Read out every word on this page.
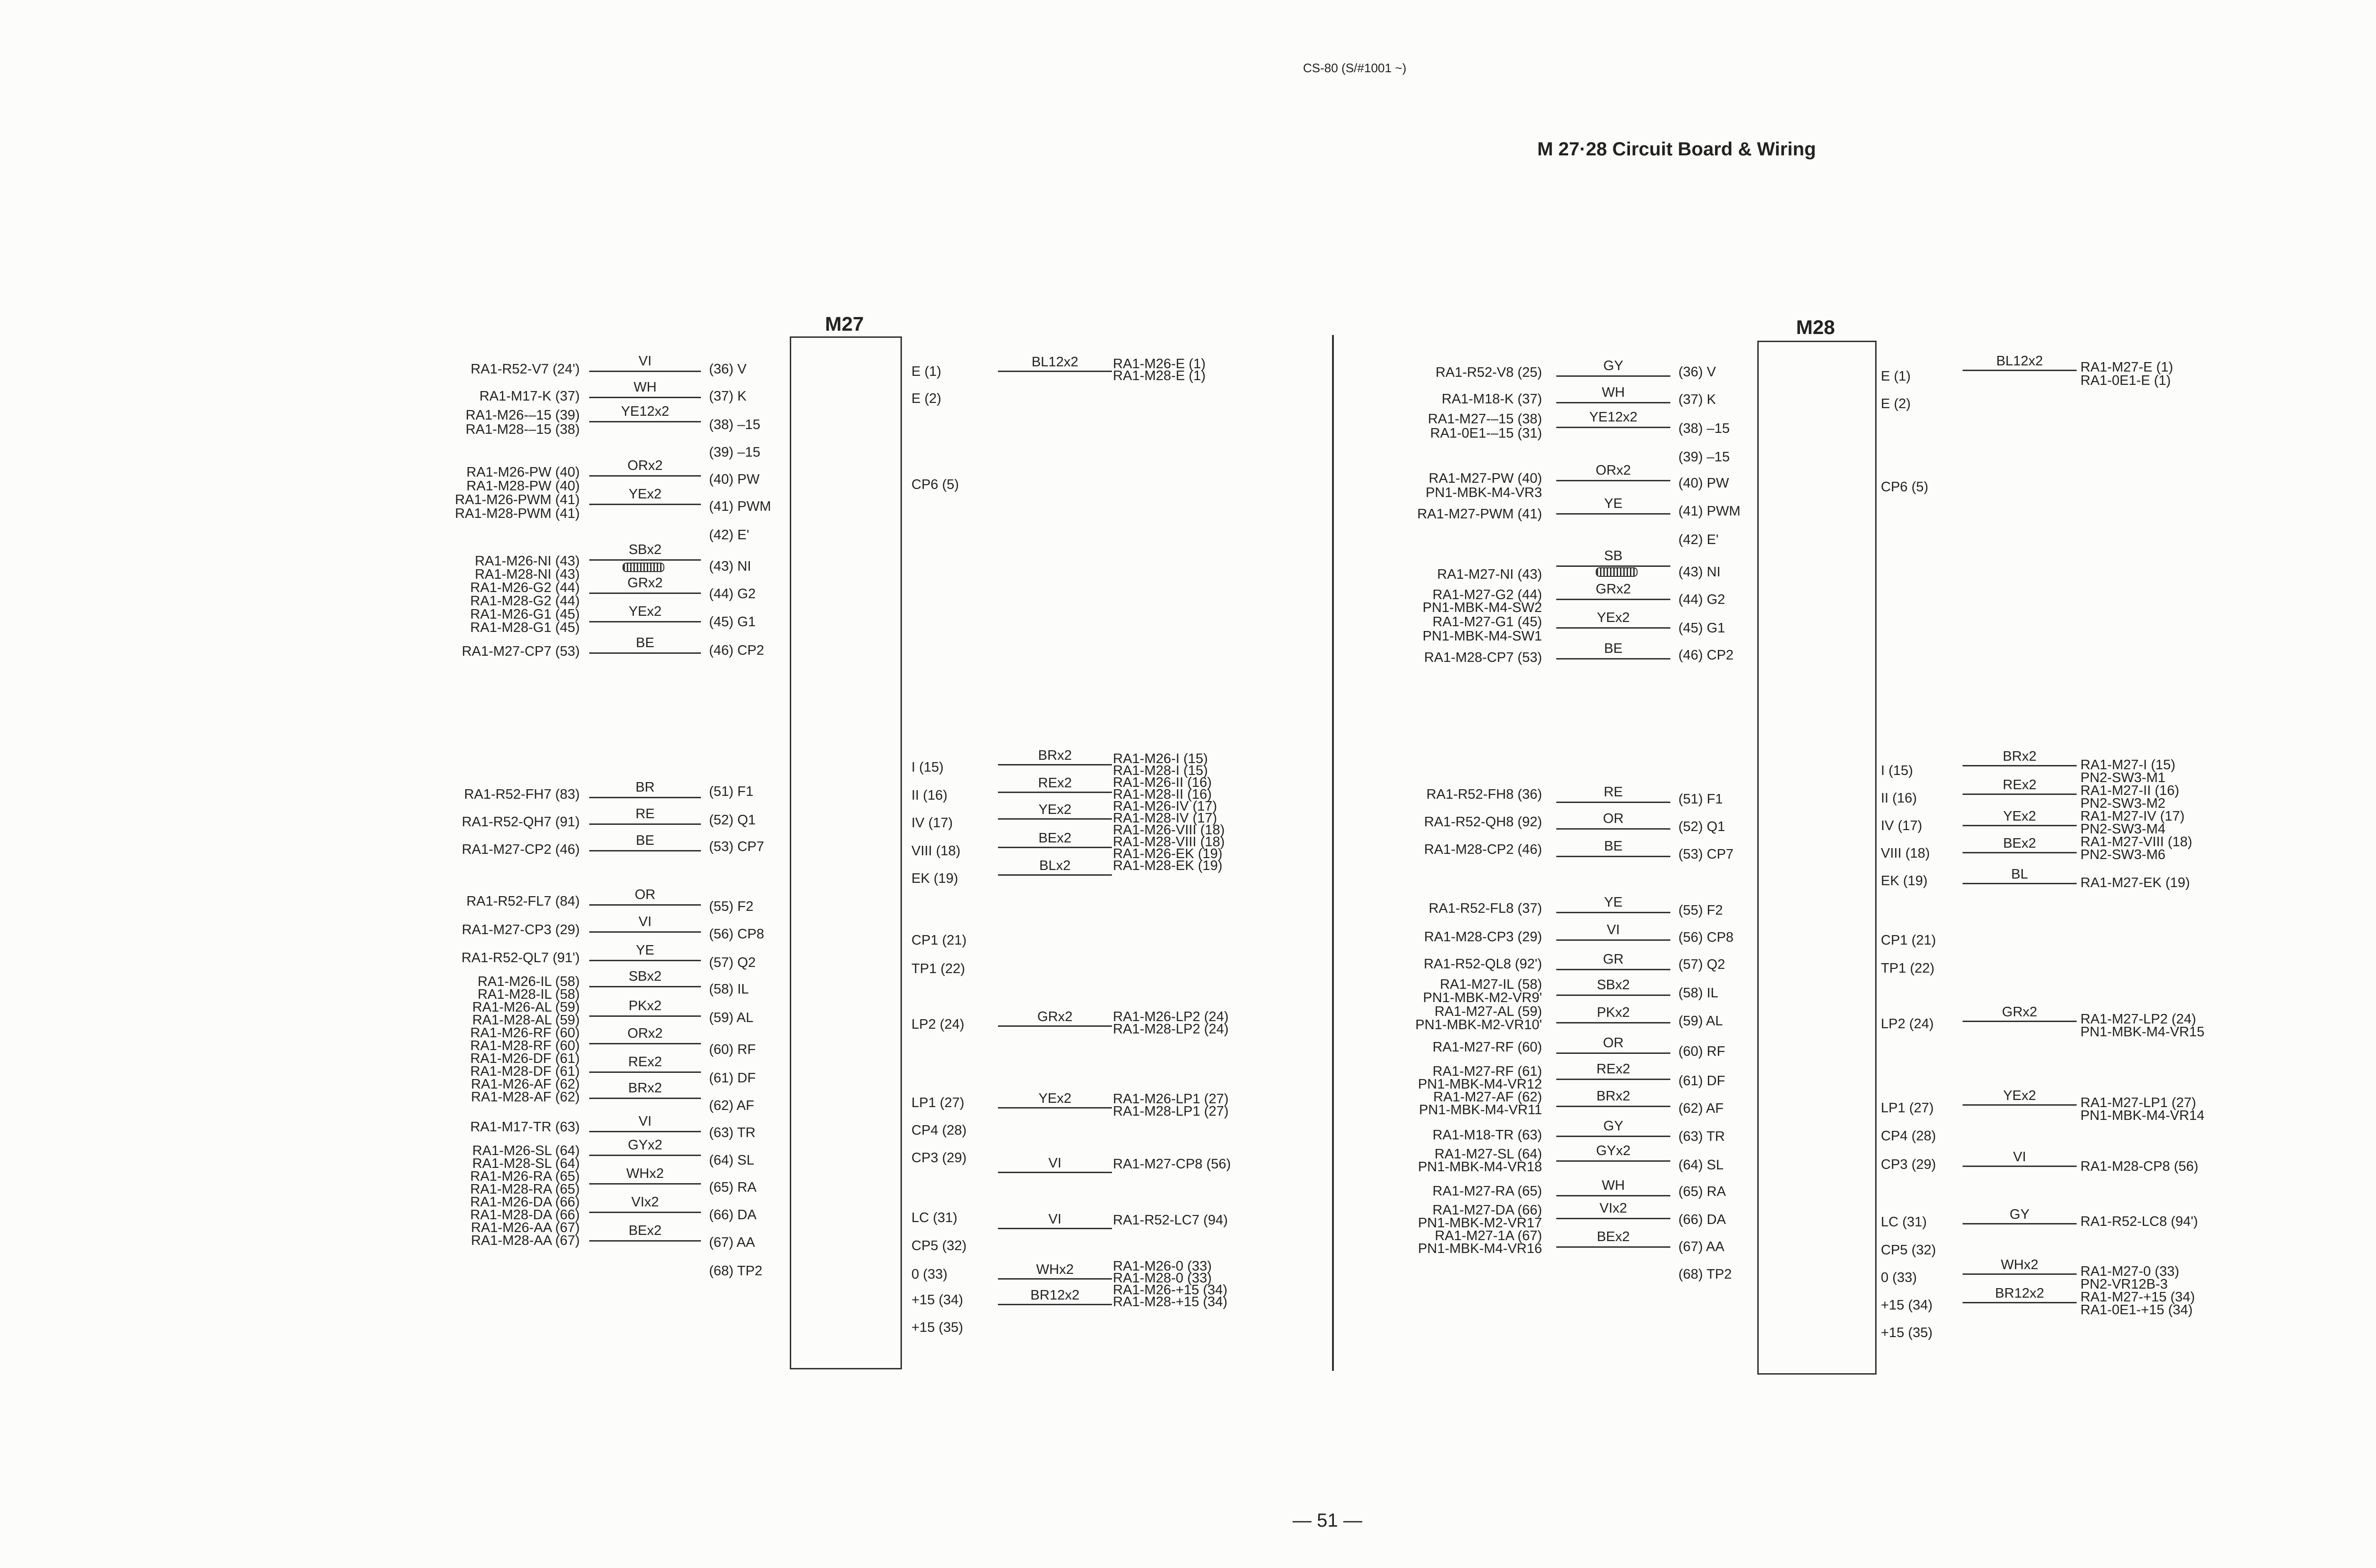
CS-80 (S/#1001 ~)
M 27·28 Circuit Board & Wiring
M27
RA1-R52-V7 (24')
RA1-M17-K (37)
RA1-M26-–15 (39)
RA1-M28-–15 (38)
RA1-M26-PW (40)
RA1-M28-PW (40)
RA1-M26-PWM (41)
RA1-M28-PWM (41)
RA1-M26-NI (43)
RA1-M28-NI (43)
RA1-M26-G2 (44)
RA1-M28-G2 (44)
RA1-M26-G1 (45)
RA1-M28-G1 (45)
RA1-M27-CP7 (53)
RA1-R52-FH7 (83)
RA1-R52-QH7 (91)
RA1-M27-CP2 (46)
RA1-R52-FL7 (84)
RA1-M27-CP3 (29)
RA1-R52-QL7 (91')
RA1-M26-IL (58)
RA1-M28-IL (58)
RA1-M26-AL (59)
RA1-M28-AL (59)
RA1-M26-RF (60)
RA1-M28-RF (60)
RA1-M26-DF (61)
RA1-M28-DF (61)
RA1-M26-AF (62)
RA1-M28-AF (62)
RA1-M17-TR (63)
RA1-M26-SL (64)
RA1-M28-SL (64)
RA1-M26-RA (65)
RA1-M28-RA (65)
RA1-M26-DA (66)
RA1-M28-DA (66)
RA1-M26-AA (67)
RA1-M28-AA (67)
VI
WH
YE12x2
ORx2
YEx2
SBx2
GRx2
YEx2
BE
BR
RE
BE
OR
VI
YE
SBx2
PKx2
ORx2
REx2
BRx2
VI
GYx2
WHx2
VIx2
BEx2
(36) V
(37) K
(38) –15
(39) –15
(40) PW
(41) PWM
(42) E'
(43) NI
(44) G2
(45) G1
(46) CP2
(51) F1
(52) Q1
(53) CP7
(55) F2
(56) CP8
(57) Q2
(58) IL
(59) AL
(60) RF
(61) DF
(62) AF
(63) TR
(64) SL
(65) RA
(66) DA
(67) AA
(68) TP2
E (1)
E (2)
CP6 (5)
I (15)
II (16)
IV (17)
VIII (18)
EK (19)
CP1 (21)
TP1 (22)
LP2 (24)
LP1 (27)
CP4 (28)
CP3 (29)
LC (31)
CP5 (32)
0 (33)
+15 (34)
+15 (35)
BL12x2
BRx2
REx2
YEx2
BEx2
BLx2
GRx2
YEx2
VI
VI
WHx2
BR12x2
RA1-M26-E (1)
RA1-M28-E (1)
RA1-M26-I (15)
RA1-M28-I (15)
RA1-M26-II (16)
RA1-M28-II (16)
RA1-M26-IV (17)
RA1-M28-IV (17)
RA1-M26-VIII (18)
RA1-M28-VIII (18)
RA1-M26-EK (19)
RA1-M28-EK (19)
RA1-M26-LP2 (24)
RA1-M28-LP2 (24)
RA1-M26-LP1 (27)
RA1-M28-LP1 (27)
RA1-M27-CP8 (56)
RA1-R52-LC7 (94)
RA1-M26-0 (33)
RA1-M28-0 (33)
RA1-M26-+15 (34)
RA1-M28-+15 (34)
M28
RA1-R52-V8 (25)
RA1-M18-K (37)
RA1-M27-–15 (38)
RA1-0E1-–15 (31)
RA1-M27-PW (40)
PN1-MBK-M4-VR3
RA1-M27-PWM (41)
RA1-M27-NI (43)
RA1-M27-G2 (44)
PN1-MBK-M4-SW2
RA1-M27-G1 (45)
PN1-MBK-M4-SW1
RA1-M28-CP7 (53)
RA1-R52-FH8 (36)
RA1-R52-QH8 (92)
RA1-M28-CP2 (46)
RA1-R52-FL8 (37)
RA1-M28-CP3 (29)
RA1-R52-QL8 (92')
RA1-M27-IL (58)
PN1-MBK-M2-VR9'
RA1-M27-AL (59)
PN1-MBK-M2-VR10'
RA1-M27-RF (60)
RA1-M27-RF (61)
PN1-MBK-M4-VR12
RA1-M27-AF (62)
PN1-MBK-M4-VR11
RA1-M18-TR (63)
RA1-M27-SL (64)
PN1-MBK-M4-VR18
RA1-M27-RA (65)
RA1-M27-DA (66)
PN1-MBK-M2-VR17
RA1-M27-1A (67)
PN1-MBK-M4-VR16
GY
WH
YE12x2
ORx2
YE
SB
GRx2
YEx2
BE
RE
OR
BE
YE
VI
GR
SBx2
PKx2
OR
REx2
BRx2
GY
GYx2
WH
VIx2
BEx2
(36) V
(37) K
(38) –15
(39) –15
(40) PW
(41) PWM
(42) E'
(43) NI
(44) G2
(45) G1
(46) CP2
(51) F1
(52) Q1
(53) CP7
(55) F2
(56) CP8
(57) Q2
(58) IL
(59) AL
(60) RF
(61) DF
(62) AF
(63) TR
(64) SL
(65) RA
(66) DA
(67) AA
(68) TP2
E (1)
E (2)
CP6 (5)
I (15)
II (16)
IV (17)
VIII (18)
EK (19)
CP1 (21)
TP1 (22)
LP2 (24)
LP1 (27)
CP4 (28)
CP3 (29)
LC (31)
CP5 (32)
0 (33)
+15 (34)
+15 (35)
BL12x2
BRx2
REx2
YEx2
BEx2
BL
GRx2
YEx2
VI
GY
WHx2
BR12x2
RA1-M27-E (1)
RA1-0E1-E (1)
RA1-M27-I (15)
PN2-SW3-M1
RA1-M27-II (16)
PN2-SW3-M2
RA1-M27-IV (17)
PN2-SW3-M4
RA1-M27-VIII (18)
PN2-SW3-M6
RA1-M27-EK (19)
RA1-M27-LP2 (24)
PN1-MBK-M4-VR15
RA1-M27-LP1 (27)
PN1-MBK-M4-VR14
RA1-M28-CP8 (56)
RA1-R52-LC8 (94')
RA1-M27-0 (33)
PN2-VR12B-3
RA1-M27-+15 (34)
RA1-0E1-+15 (34)
— 51 —
